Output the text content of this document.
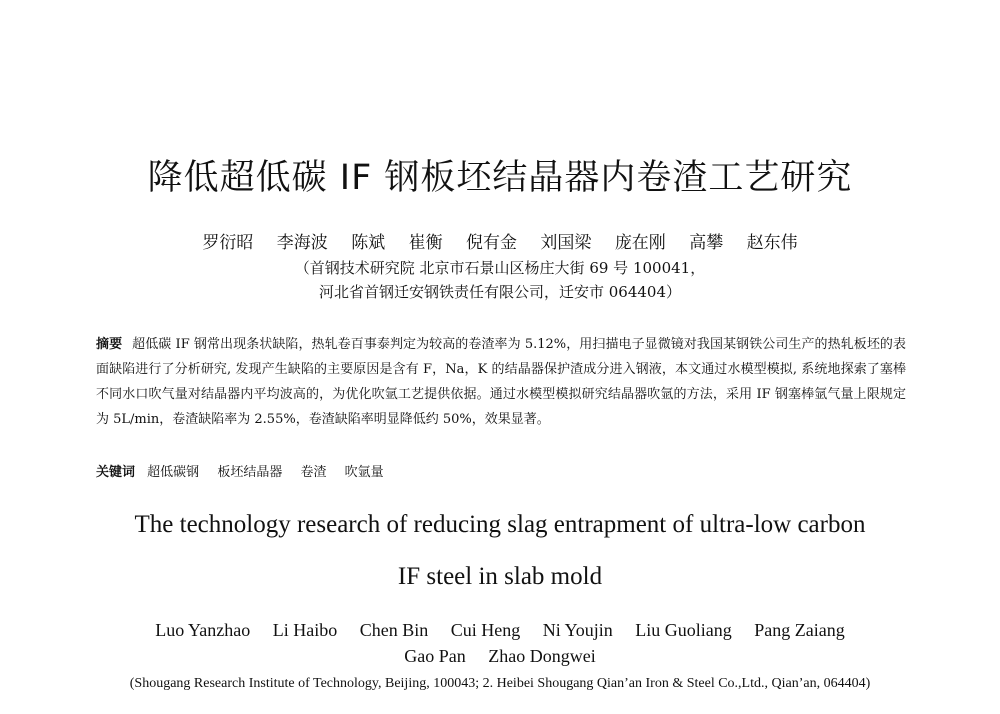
降低超低碳 IF 钢板坯结晶器内卷渣工艺研究
罗衍昭 李海波 陈斌 崔衡 倪有金 刘国梁 庞在刚 高攀 赵东伟
（首钢技术研究院 北京市石景山区杨庄大街 69 号 100041，
河北省首钢迁安钢铁责任有限公司，迁安市 064404）
摘要 超低碳 IF 钢常出现条状缺陷，热轧卷百事泰判定为较高的卷渣率为 5.12%，用扫描电子显微镜对我国某钢铁公司生产的热轧板坯的表面缺陷进行了分析研究, 发现产生缺陷的主要原因是含有 F，Na，K 的结晶器保护渣成分进入钢液，本文通过水模型模拟, 系统地探索了塞棒不同水口吹气量对结晶器内平均波高的，为优化吹氩工艺提供依据。通过水模型模拟研究结晶器吹氩的方法，采用 IF 钢塞棒氩气量上限规定为 5L/min，卷渣缺陷率为 2.55%，卷渣缺陷率明显降低约 50%，效果显著。
关键词 超低碳钢 板坯结晶器 卷渣 吹氩量
The technology research of reducing slag entrapment of ultra-low carbon
IF steel in slab mold
Luo Yanzhao Li Haibo Chen Bin Cui Heng Ni Youjin Liu Guoliang Pang Zaiang
Gao Pan Zhao Dongwei
(Shougang Research Institute of Technology, Beijing, 100043; 2. Heibei Shougang Qian’an Iron & Steel Co.,Ltd., Qian’an, 064404)
